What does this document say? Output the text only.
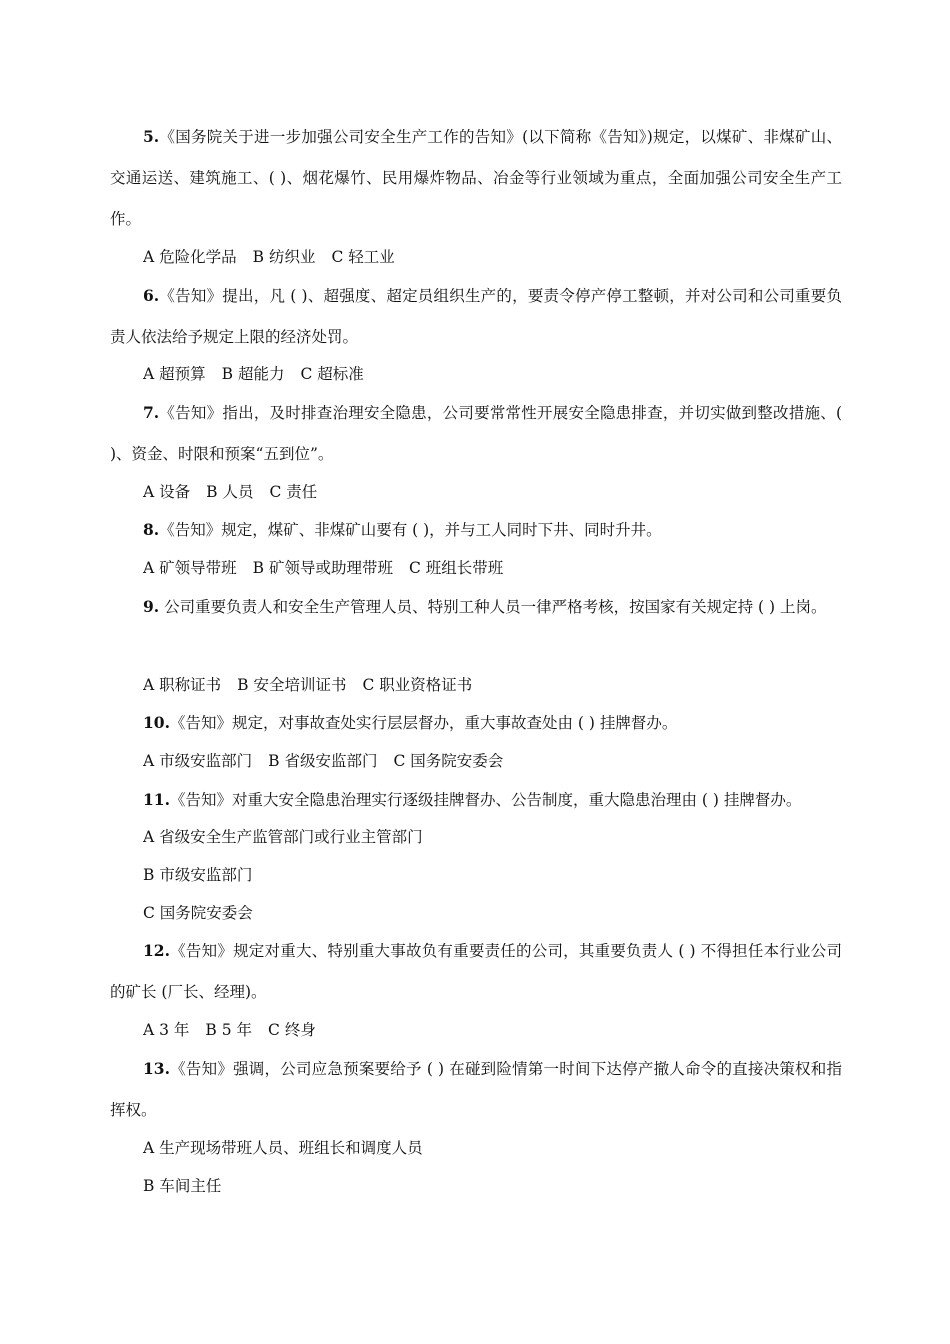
5.《国务院关于进一步加强公司安全生产工作的告知》(以下简称《告知》)规定，以煤矿、非煤矿山、交通运送、建筑施工、( )、烟花爆竹、民用爆炸物品、冶金等行业领域为重点，全面加强公司安全生产工作。

A 危险化学品 B 纺织业 C 轻工业

6.《告知》提出，凡 ( )、超强度、超定员组织生产的，要责令停产停工整顿，并对公司和公司重要负责人依法给予规定上限的经济处罚。

A 超预算 B 超能力 C 超标准

7.《告知》指出，及时排查治理安全隐患，公司要常常性开展安全隐患排查，并切实做到整改措施、( )、资金、时限和预案“五到位”。

A 设备 B 人员 C 责任

8.《告知》规定，煤矿、非煤矿山要有 ( )，并与工人同时下井、同时升井。

A 矿领导带班 B 矿领导或助理带班 C 班组长带班

9. 公司重要负责人和安全生产管理人员、特别工种人员一律严格考核，按国家有关规定持 ( ) 上岗。

A 职称证书 B 安全培训证书 C 职业资格证书

10.《告知》规定，对事故查处实行层层督办，重大事故查处由 ( ) 挂牌督办。

A 市级安监部门 B 省级安监部门 C 国务院安委会

11.《告知》对重大安全隐患治理实行逐级挂牌督办、公告制度，重大隐患治理由 ( ) 挂牌督办。

A 省级安全生产监管部门或行业主管部门

B 市级安监部门

C 国务院安委会

12.《告知》规定对重大、特别重大事故负有重要责任的公司，其重要负责人 ( ) 不得担任本行业公司的矿长 (厂长、经理)。

A 3 年 B 5 年 C 终身

13.《告知》强调，公司应急预案要给予 ( ) 在碰到险情第一时间下达停产撤人命令的直接决策权和指挥权。

A 生产现场带班人员、班组长和调度人员

B 车间主任
